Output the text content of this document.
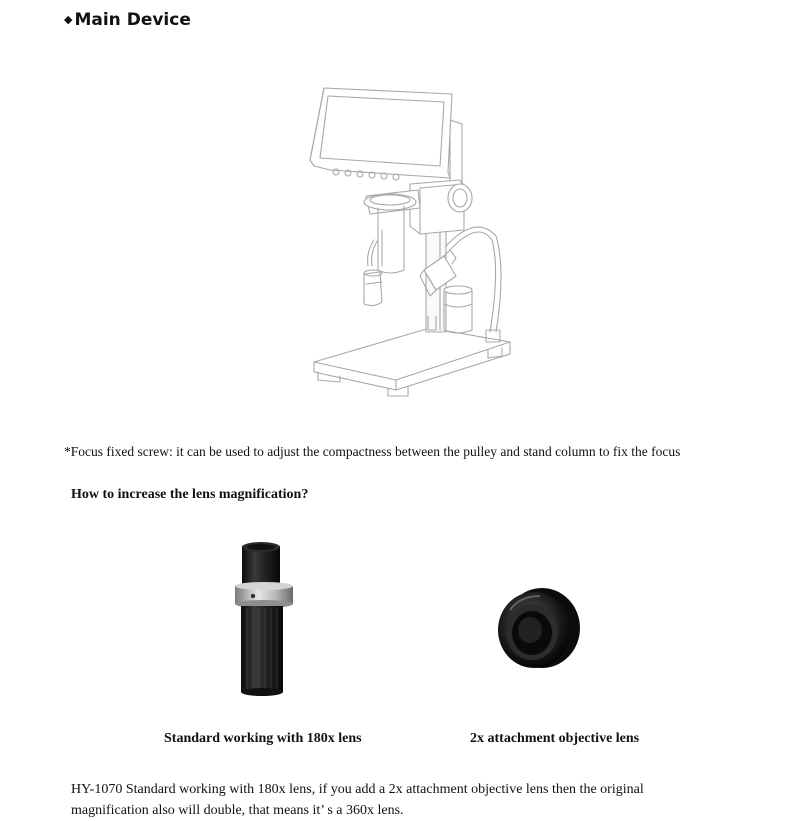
◆ Main Device
*Focus fixed screw: it can be used to adjust the compactness between the pulley and stand column to fix the focus
How to increase the lens magnification?
Standard working with 180x lens	2x attachment objective lens
HY-1070 Standard working with 180x lens, if you add a 2x attachment objective lens then the original
magnification also will double, that means it’ s a 360x lens.
